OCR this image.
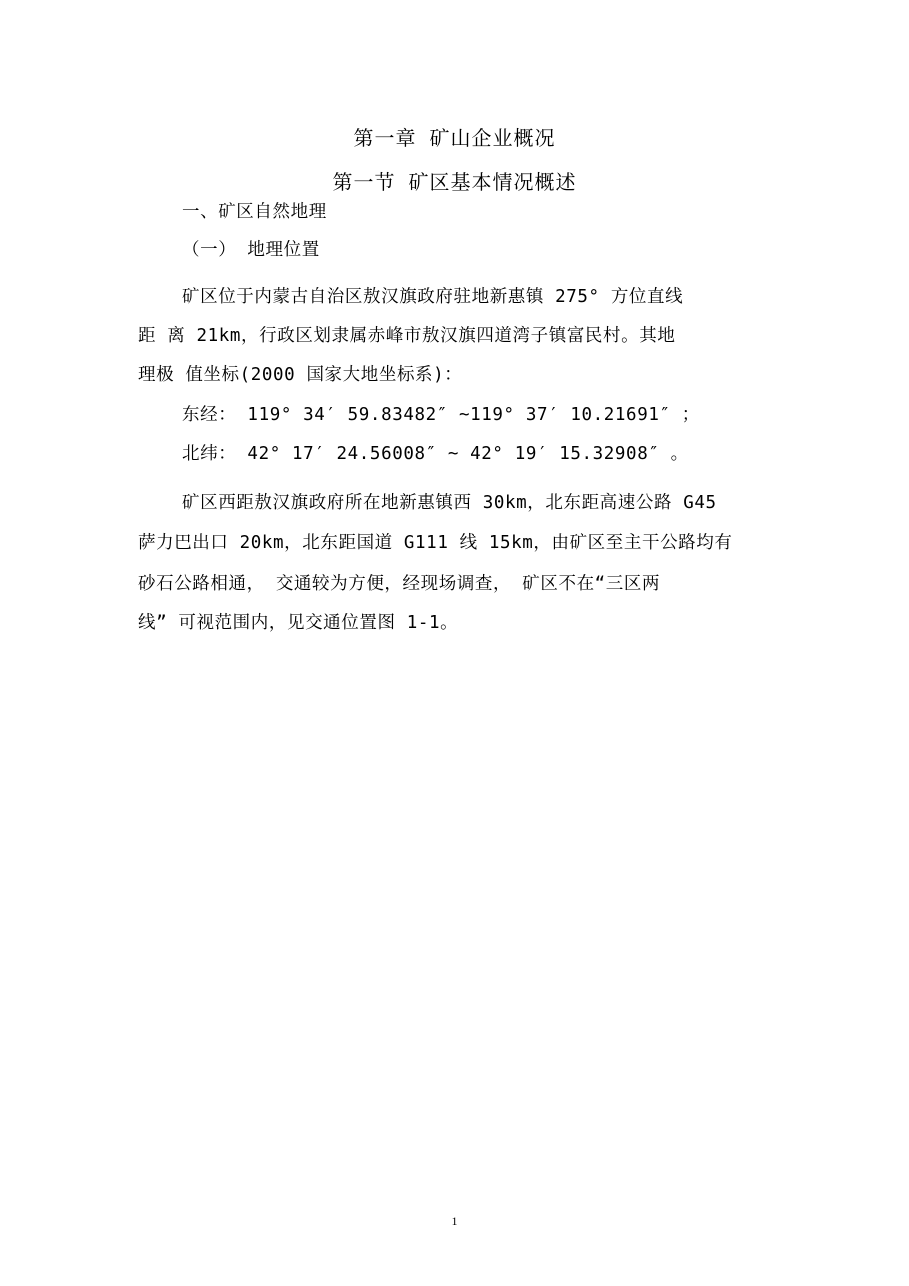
第一章 矿山企业概况
第一节 矿区基本情况概述
一、矿区自然地理
（一） 地理位置
矿区位于内蒙古自治区敖汉旗政府驻地新惠镇 275° 方位直线
距 离 21km，行政区划隶属赤峰市敖汉旗四道湾子镇富民村。其地
理极 值坐标(2000 国家大地坐标系)：
东经： 119° 34′ 59.83482″ ~119° 37′ 10.21691″ ；
北纬： 42° 17′ 24.56008″ ~ 42° 19′ 15.32908″ 。
矿区西距敖汉旗政府所在地新惠镇西 30km，北东距高速公路 G45
萨力巴出口 20km，北东距国道 G111 线 15km，由矿区至主干公路均有
砂石公路相通， 交通较为方便，经现场调查， 矿区不在“三区两
线” 可视范围内，见交通位置图 1-1。
1
